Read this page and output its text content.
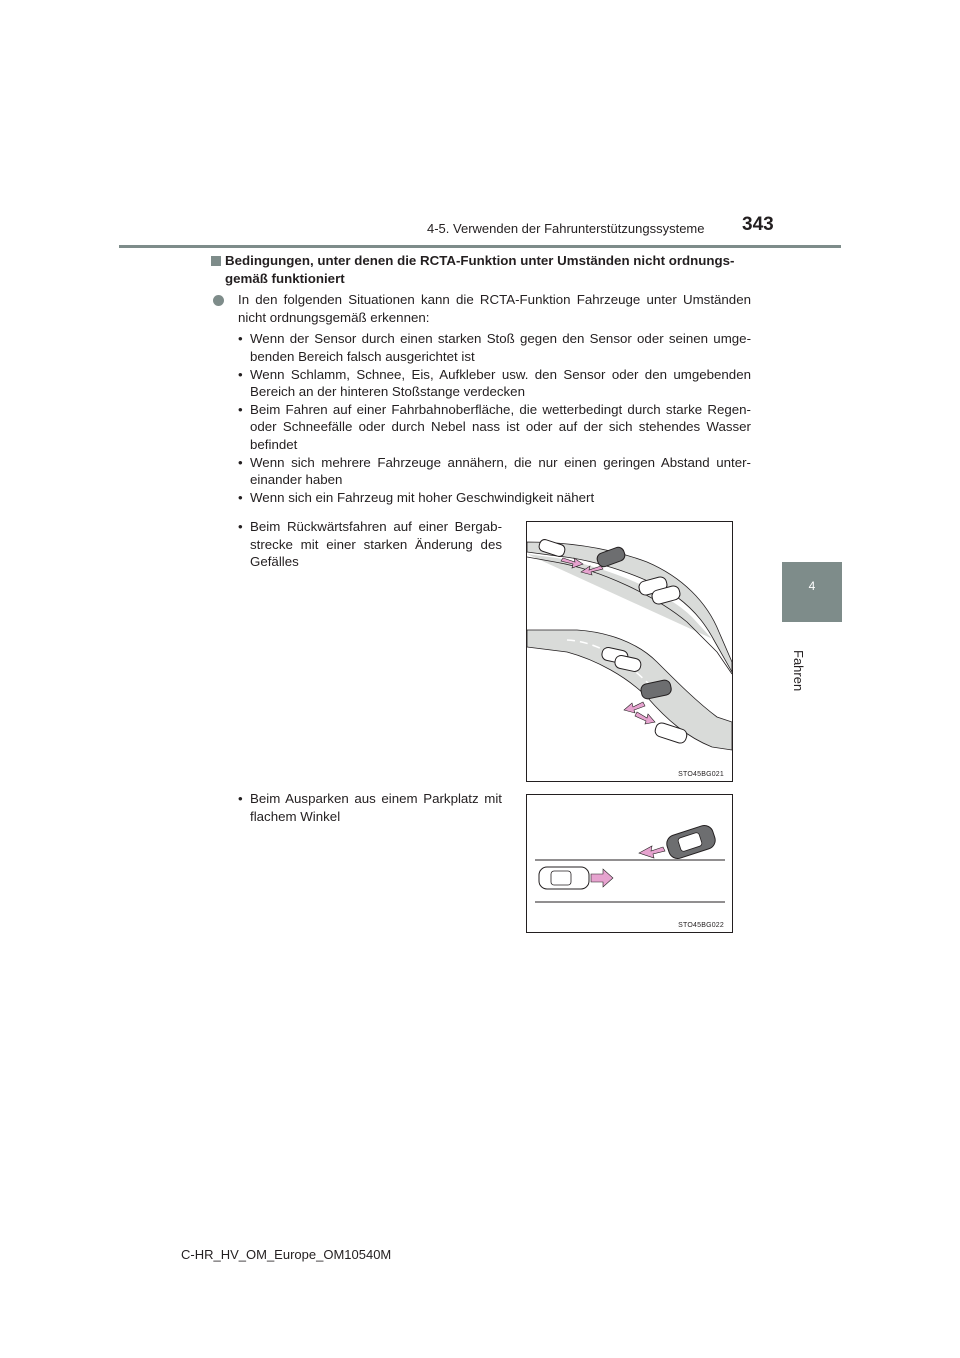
4-5. Verwenden der Fahrunterstützungssysteme 343
4
Fahren
Bedingungen, unter denen die RCTA-Funktion unter Umständen nicht ordnungs-gemäß funktioniert
In den folgenden Situationen kann die RCTA-Funktion Fahrzeuge unter Umständen nicht ordnungsgemäß erkennen:
• Wenn der Sensor durch einen starken Stoß gegen den Sensor oder seinen umge-benden Bereich falsch ausgerichtet ist
• Wenn Schlamm, Schnee, Eis, Aufkleber usw. den Sensor oder den umgebenden Bereich an der hinteren Stoßstange verdecken
• Beim Fahren auf einer Fahrbahnoberfläche, die wetterbedingt durch starke Regen- oder Schneefälle oder durch Nebel nass ist oder auf der sich stehendes Wasser befindet
• Wenn sich mehrere Fahrzeuge annähern, die nur einen geringen Abstand unter-einander haben
• Wenn sich ein Fahrzeug mit hoher Geschwindigkeit nähert
• Beim Rückwärtsfahren auf einer Bergab-strecke mit einer starken Änderung des Gefälles
STO45BG021
• Beim Ausparken aus einem Parkplatz mit flachem Winkel
STO45BG022
C-HR_HV_OM_Europe_OM10540M
